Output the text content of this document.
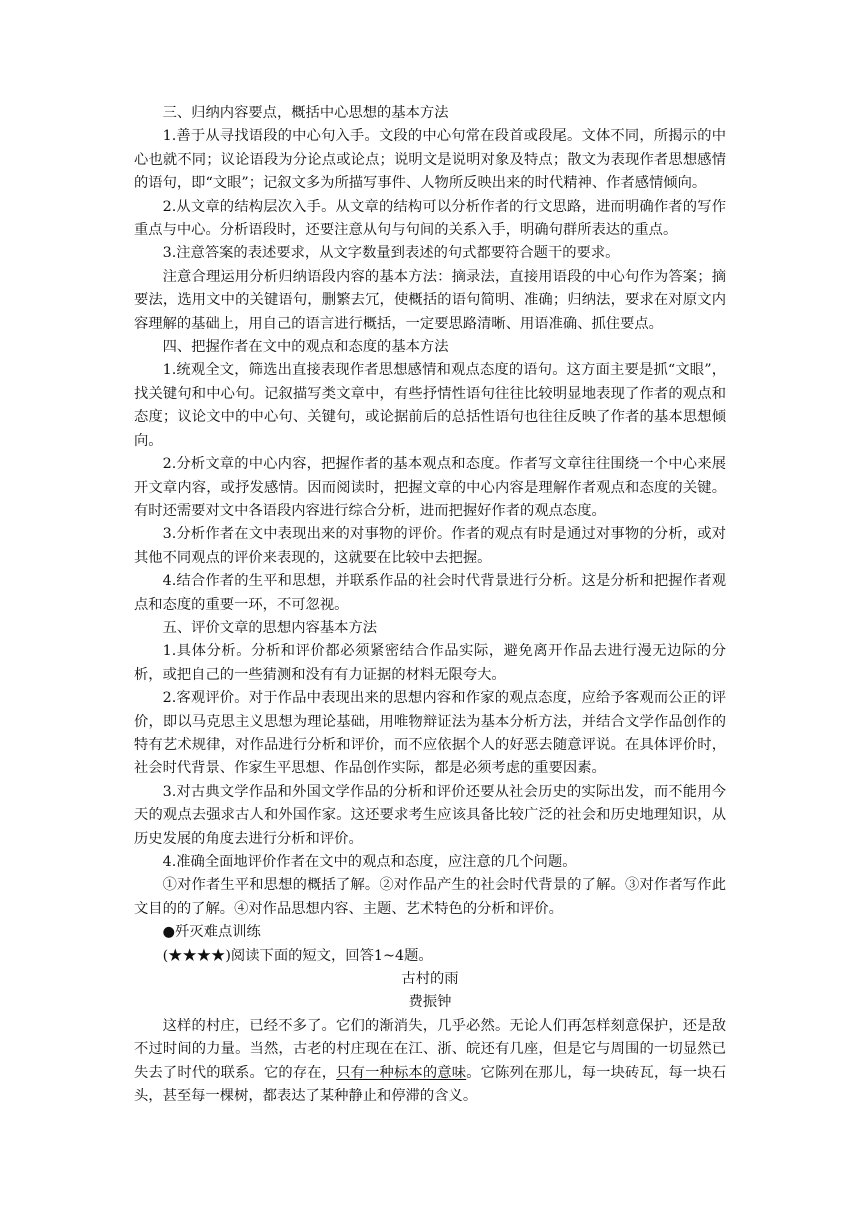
三、归纳内容要点，概括中心思想的基本方法

1.善于从寻找语段的中心句入手。文段的中心句常在段首或段尾。文体不同，所揭示的中心也就不同；议论语段为分论点或论点；说明文是说明对象及特点；散文为表现作者思想感情的语句，即“文眼”；记叙文多为所描写事件、人物所反映出来的时代精神、作者感情倾向。

2.从文章的结构层次入手。从文章的结构可以分析作者的行文思路，进而明确作者的写作重点与中心。分析语段时，还要注意从句与句间的关系入手，明确句群所表达的重点。

3.注意答案的表述要求，从文字数量到表述的句式都要符合题干的要求。

注意合理运用分析归纳语段内容的基本方法：摘录法，直接用语段的中心句作为答案；摘要法，选用文中的关键语句，删繁去冗，使概括的语句简明、准确；归纳法，要求在对原文内容理解的基础上，用自己的语言进行概括，一定要思路清晰、用语准确、抓住要点。

四、把握作者在文中的观点和态度的基本方法

1.统观全文，筛选出直接表现作者思想感情和观点态度的语句。这方面主要是抓“文眼”，找关键句和中心句。记叙描写类文章中，有些抒情性语句往往比较明显地表现了作者的观点和态度；议论文中的中心句、关键句，或论据前后的总括性语句也往往反映了作者的基本思想倾向。

2.分析文章的中心内容，把握作者的基本观点和态度。作者写文章往往围绕一个中心来展开文章内容，或抒发感情。因而阅读时，把握文章的中心内容是理解作者观点和态度的关键。有时还需要对文中各语段内容进行综合分析，进而把握好作者的观点态度。

3.分析作者在文中表现出来的对事物的评价。作者的观点有时是通过对事物的分析，或对其他不同观点的评价来表现的，这就要在比较中去把握。

4.结合作者的生平和思想，并联系作品的社会时代背景进行分析。这是分析和把握作者观点和态度的重要一环，不可忽视。

五、评价文章的思想内容基本方法

1.具体分析。分析和评价都必须紧密结合作品实际，避免离开作品去进行漫无边际的分析，或把自己的一些猜测和没有有力证据的材料无限夸大。

2.客观评价。对于作品中表现出来的思想内容和作家的观点态度，应给予客观而公正的评价，即以马克思主义思想为理论基础，用唯物辩证法为基本分析方法，并结合文学作品创作的特有艺术规律，对作品进行分析和评价，而不应依据个人的好恶去随意评说。在具体评价时，社会时代背景、作家生平思想、作品创作实际，都是必须考虑的重要因素。

3.对古典文学作品和外国文学作品的分析和评价还要从社会历史的实际出发，而不能用今天的观点去强求古人和外国作家。这还要求考生应该具备比较广泛的社会和历史地理知识，从历史发展的角度去进行分析和评价。

4.准确全面地评价作者在文中的观点和态度，应注意的几个问题。

①对作者生平和思想的概括了解。②对作品产生的社会时代背景的了解。③对作者写作此文目的的了解。④对作品思想内容、主题、艺术特色的分析和评价。

●歼灭难点训练

(★★★★)阅读下面的短文，回答1~4题。

古村的雨

费振钟

这样的村庄，已经不多了。它们的渐消失，几乎必然。无论人们再怎样刻意保护，还是敌不过时间的力量。当然，古老的村庄现在在江、浙、皖还有几座，但是它与周围的一切显然已失去了时代的联系。它的存在，只有一种标本的意味。它陈列在那儿，每一块砖瓦，每一块石头，甚至每一棵树，都表达了某种静止和停滞的含义。
